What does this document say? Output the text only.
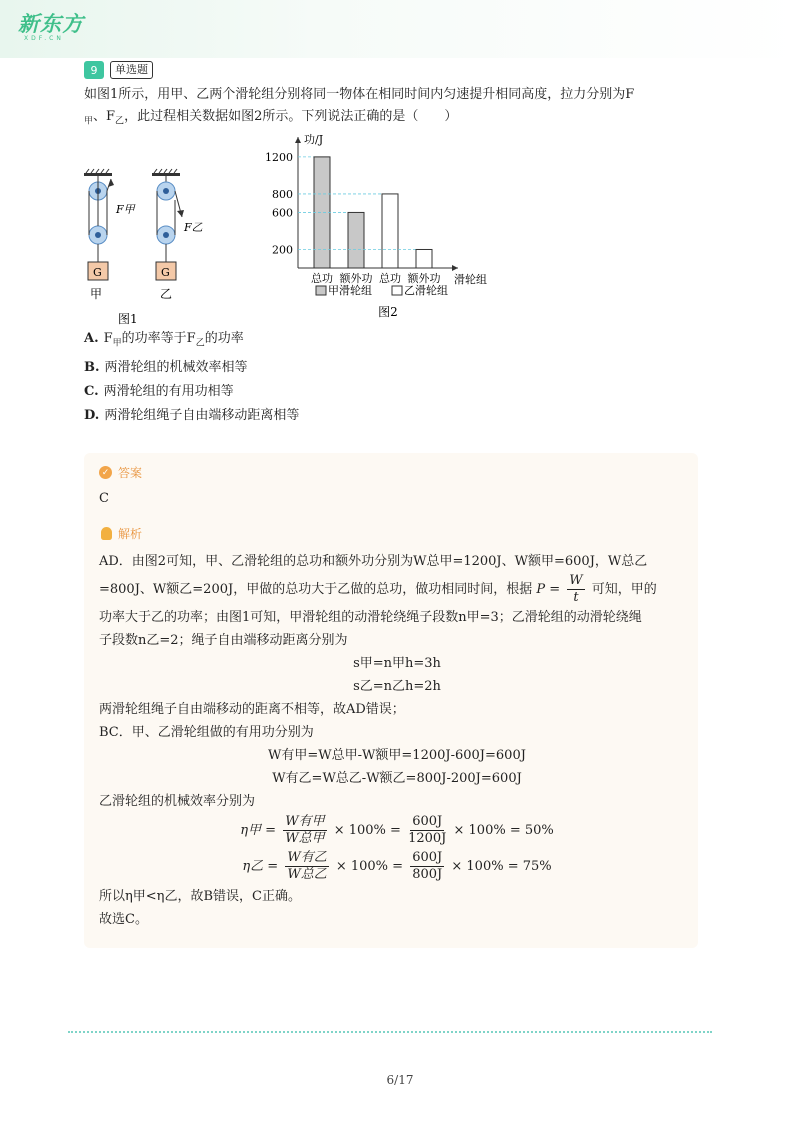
新东方
XDF.CN
9	单选题
如图1所示，用甲、乙两个滑轮组分别将同一物体在相同时间内匀速提升相同高度，拉力分别为F
$_甲$、$F_乙$，此过程相关数据如图2所示。下列说法正确的是（　　）
F甲
G
甲
F乙
G
乙
图1
功/J
滑轮组
200
600
800
1200
总功 额外功 总功 额外功
甲滑轮组	乙滑轮组
图2
A. $F_甲$的功率等于$F_乙$的功率
B. 两滑轮组的机械效率相等
C. 两滑轮组的有用功相等
D. 两滑轮组绳子自由端移动距离相等
✓ 答案
C
解析

AD．由图2可知，甲、乙滑轮组的总功和额外功分别为W总甲=1200J、W额甲=600J，W总乙

=800J、W额乙=200J，甲做的总功大于乙做的总功，做功相同时间，根据 $P = \frac{W}{t}$ 可知，甲的

功率大于乙的功率；由图1可知，甲滑轮组的动滑轮绕绳子段数n甲=3；乙滑轮组的动滑轮绕绳

子段数n乙=2；绳子自由端移动距离分别为

s甲=n甲h=3h

s乙=n乙h=2h

两滑轮组绳子自由端移动的距离不相等，故AD错误；

BC．甲、乙滑轮组做的有用功分别为

W有甲=W总甲-W额甲=1200J-600J=600J

W有乙=W总乙-W额乙=800J-200J=600J

乙滑轮组的机械效率分别为

η甲 = $\frac{\text{W有甲}}{\text{W总甲}} \times 100\% = \frac{600J}{1200J} \times 100\% = 50\%$
η乙 = $\frac{\text{W有乙}}{\text{W总乙}} \times 100\% = \frac{600J}{800J} \times 100\% = 75\%$

所以η甲<η乙，故B错误，C正确。

故选C。

6/17
